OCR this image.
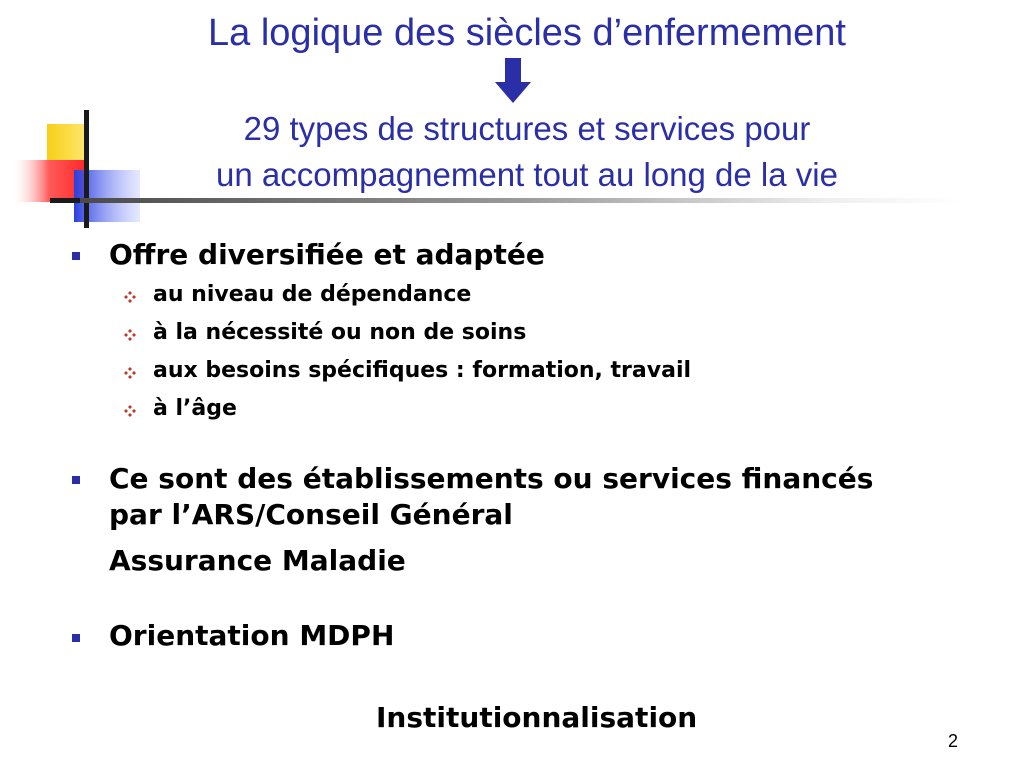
La logique des siècles d’enfermement
29 types de structures et services pour
un accompagnement tout au long de la vie
Offre diversifiée et adaptée
au niveau de dépendance
à la nécessité ou non de soins
aux besoins spécifiques : formation, travail
à l’âge
Ce sont des établissements ou services financés
par l’ARS/Conseil Général
Assurance Maladie
Orientation MDPH
Institutionnalisation
2
